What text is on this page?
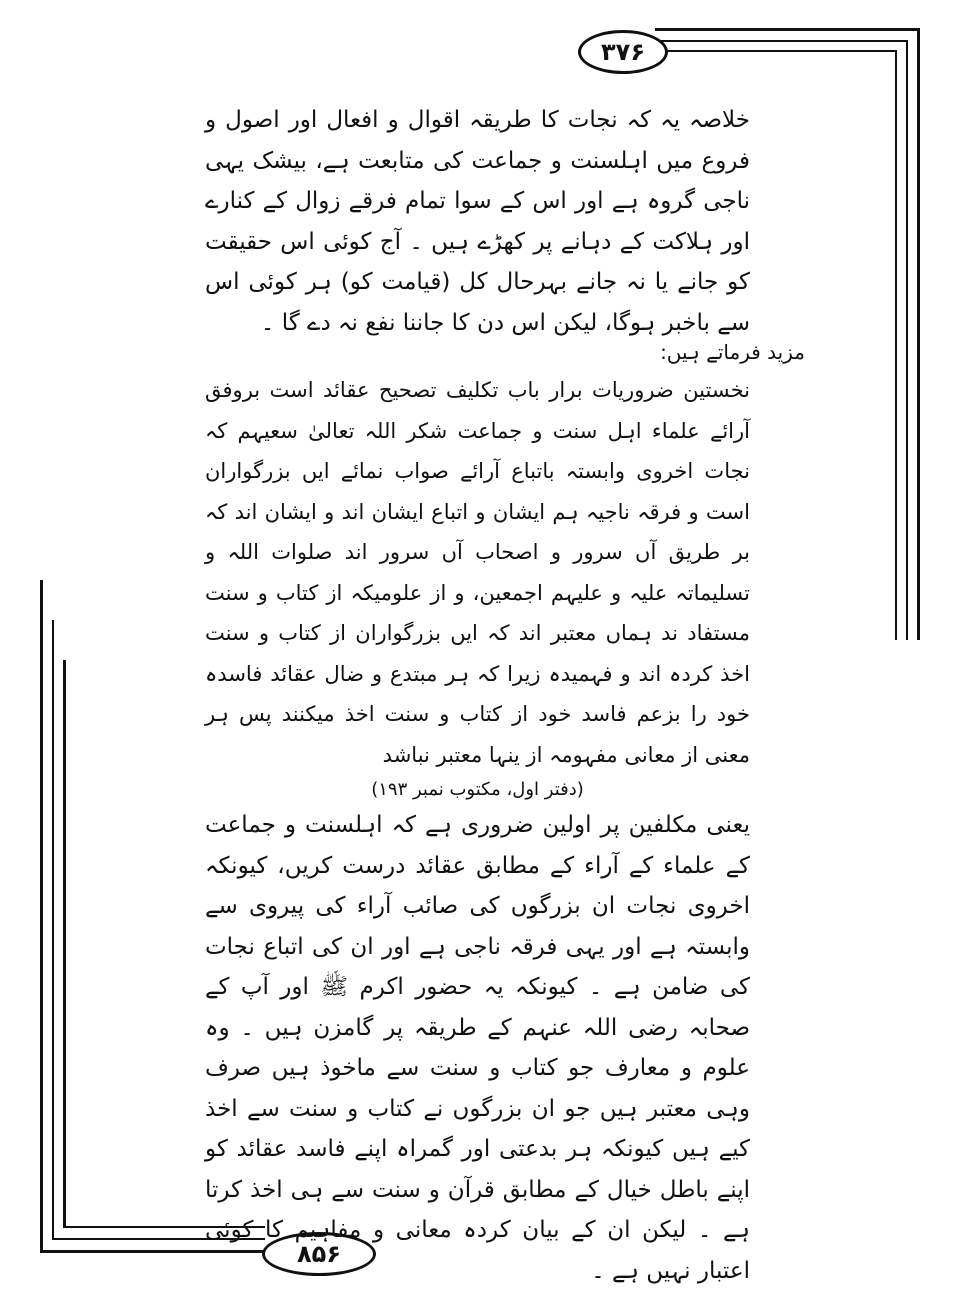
۳۷۶
۸۵۶

خلاصہ یہ کہ نجات کا طریقہ اقوال و افعال اور اصول و فروع میں اہلسنت و جماعت کی متابعت ہے، بیشک یہی ناجی گروہ ہے اور اس کے سوا تمام فرقے زوال کے کنارے اور ہلاکت کے دہانے پر کھڑے ہیں ۔ آج کوئی اس حقیقت کو جانے یا نہ جانے بہرحال کل (قیامت کو) ہر کوئی اس سے باخبر ہوگا، لیکن اس دن کا جاننا نفع نہ دے گا ۔

مزید فرماتے ہیں:

نخستین ضروریات برار باب تکلیف تصحیح عقائد است بروفق آرائے علماء اہل سنت و جماعت شکر اللہ تعالیٰ سعیہم کہ نجات اخروی وابستہ باتباع آرائے صواب نمائے ایں بزرگواران است و فرقہ ناجیہ ہم ایشان و اتباع ایشان اند و ایشان اند کہ بر طریق آں سرور و اصحاب آں سرور اند صلوات اللہ و تسلیماتہ علیہ و علیہم اجمعین، و از علومیکہ از کتاب و سنت مستفاد ند ہماں معتبر اند کہ ایں بزرگواران از کتاب و سنت اخذ کردہ اند و فہمیدہ زیرا کہ ہر مبتدع و ضال عقائد فاسدہ خود را بزعم فاسد خود از کتاب و سنت اخذ میکنند پس ہر معنی از معانی مفہومہ از ینہا معتبر نباشد

(دفتر اول، مکتوب نمبر ۱۹۳)

یعنی مکلفین پر اولین ضروری ہے کہ اہلسنت و جماعت کے علماء کے آراء کے مطابق عقائد درست کریں، کیونکہ اخروی نجات ان بزرگوں کی صائب آراء کی پیروی سے وابستہ ہے اور یہی فرقہ ناجی ہے اور ان کی اتباع نجات کی ضامن ہے ۔ کیونکہ یہ حضور اکرم ﷺ اور آپ کے صحابہ رضی اللہ عنہم کے طریقہ پر گامزن ہیں ۔ وہ علوم و معارف جو کتاب و سنت سے ماخوذ ہیں صرف وہی معتبر ہیں جو ان بزرگوں نے کتاب و سنت سے اخذ کیے ہیں کیونکہ ہر بدعتی اور گمراہ اپنے فاسد عقائد کو اپنے باطل خیال کے مطابق قرآن و سنت سے ہی اخذ کرتا ہے ۔ لیکن ان کے بیان کردہ معانی و مفاہیم کا کوئی اعتبار نہیں ہے ۔
